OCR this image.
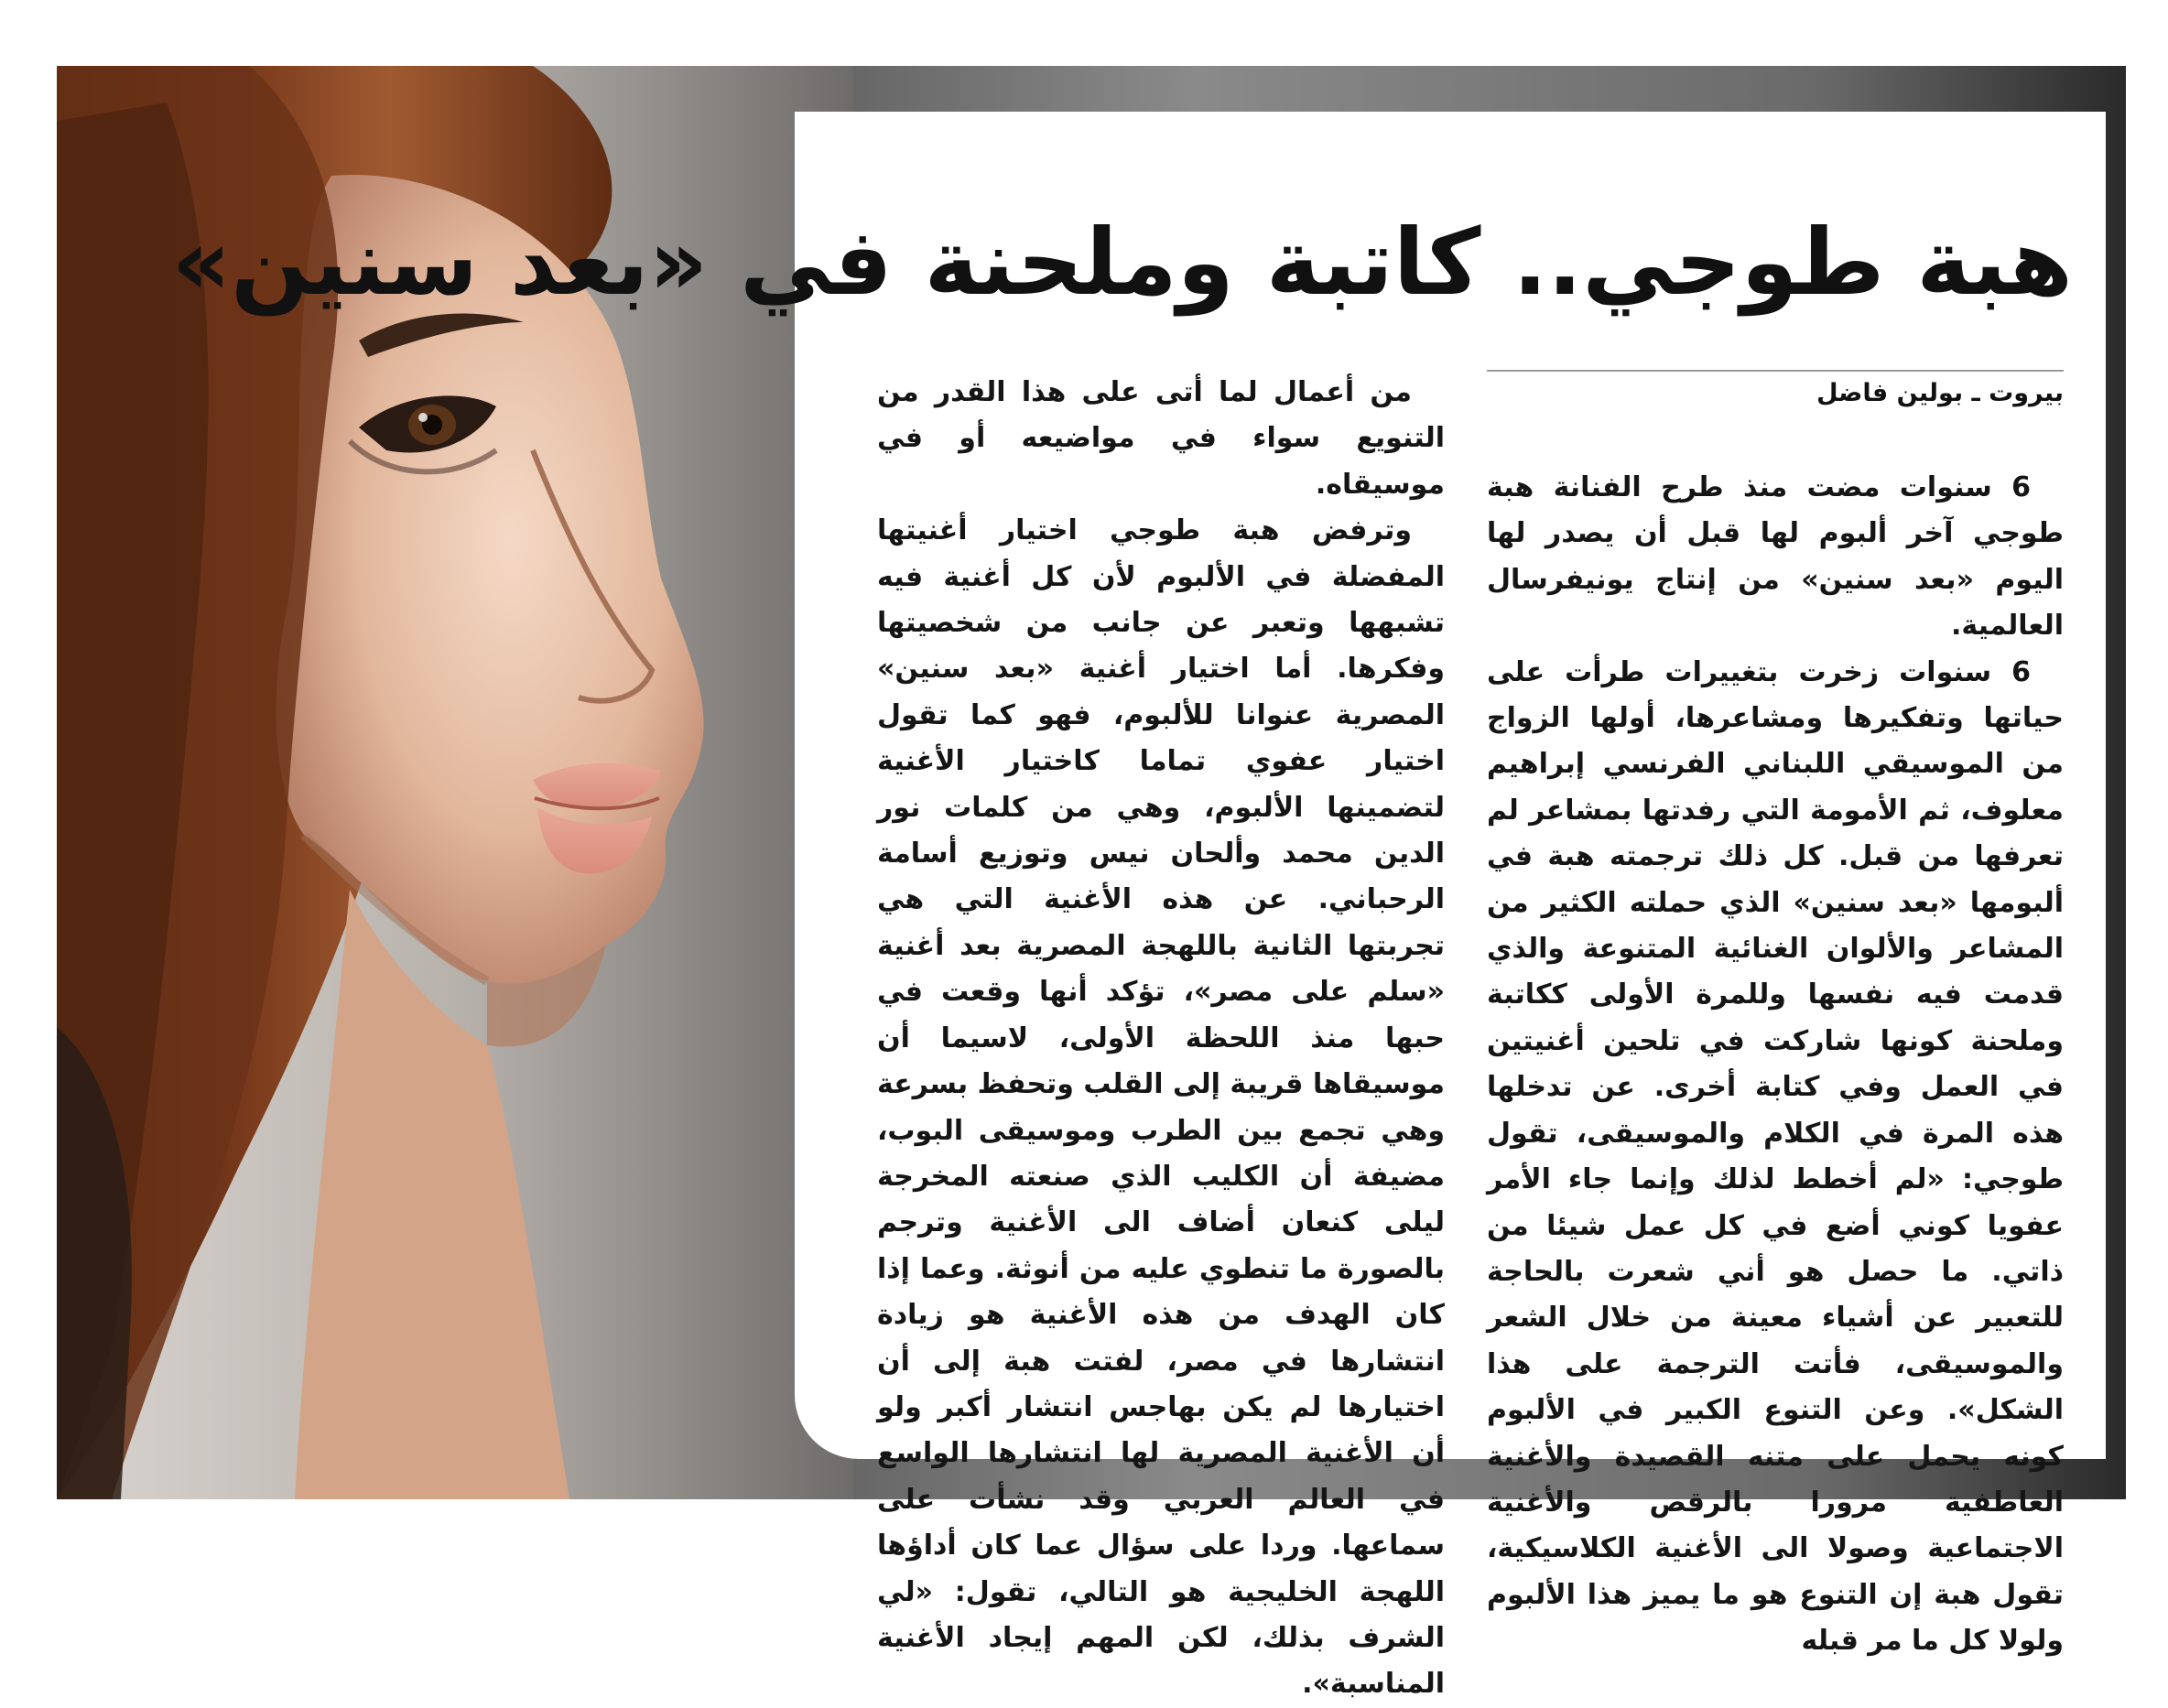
هبة طوجي.. كاتبة وملحنة في «بعد سنين»
بيروت ـ بولين فاضل

6 سنوات مضت منذ طرح الفنانة هبة طوجي آخر ألبوم لها قبل أن يصدر لها اليوم «بعد سنين» من إنتاج يونيفرسال العالمية.

6 سنوات زخرت بتغييرات طرأت على حياتها وتفكيرها ومشاعرها، أولها الزواج من الموسيقي اللبناني الفرنسي إبراهيم معلوف، ثم الأمومة التي رفدتها بمشاعر لم تعرفها من قبل. كل ذلك ترجمته هبة في ألبومها «بعد سنين» الذي حملته الكثير من المشاعر والألوان الغنائية المتنوعة والذي قدمت فيه نفسها وللمرة الأولى ككاتبة وملحنة كونها شاركت في تلحين أغنيتين في العمل وفي كتابة أخرى. عن تدخلها هذه المرة في الكلام والموسيقى، تقول طوجي: «لم أخطط لذلك وإنما جاء الأمر عفويا كوني أضع في كل عمل شيئا من ذاتي. ما حصل هو أني شعرت بالحاجة للتعبير عن أشياء معينة من خلال الشعر والموسيقى، فأتت الترجمة على هذا الشكل». وعن التنوع الكبير في الألبوم كونه يحمل على متنه القصيدة والأغنية العاطفية مرورا بالرقص والأغنية الاجتماعية وصولا الى الأغنية الكلاسيكية، تقول هبة إن التنوع هو ما يميز هذا الألبوم ولولا كل ما مر قبله

من أعمال لما أتى على هذا القدر من التنويع سواء في مواضيعه أو في موسيقاه.

وترفض هبة طوجي اختيار أغنيتها المفضلة في الألبوم لأن كل أغنية فيه تشبهها وتعبر عن جانب من شخصيتها وفكرها. أما اختيار أغنية «بعد سنين» المصرية عنوانا للألبوم، فهو كما تقول اختيار عفوي تماما كاختيار الأغنية لتضمينها الألبوم، وهي من كلمات نور الدين محمد وألحان نيس وتوزيع أسامة الرحباني. عن هذه الأغنية التي هي تجربتها الثانية باللهجة المصرية بعد أغنية «سلم على مصر»، تؤكد أنها وقعت في حبها منذ اللحظة الأولى، لاسيما أن موسيقاها قريبة إلى القلب وتحفظ بسرعة وهي تجمع بين الطرب وموسيقى البوب، مضيفة أن الكليب الذي صنعته المخرجة ليلى كنعان أضاف الى الأغنية وترجم بالصورة ما تنطوي عليه من أنوثة. وعما إذا كان الهدف من هذه الأغنية هو زيادة انتشارها في مصر، لفتت هبة إلى أن اختيارها لم يكن بهاجس انتشار أكبر ولو أن الأغنية المصرية لها انتشارها الواسع في العالم العربي وقد نشأت على سماعها. وردا على سؤال عما كان أداؤها اللهجة الخليجية هو التالي، تقول: «لي الشرف بذلك، لكن المهم إيجاد الأغنية المناسبة».
